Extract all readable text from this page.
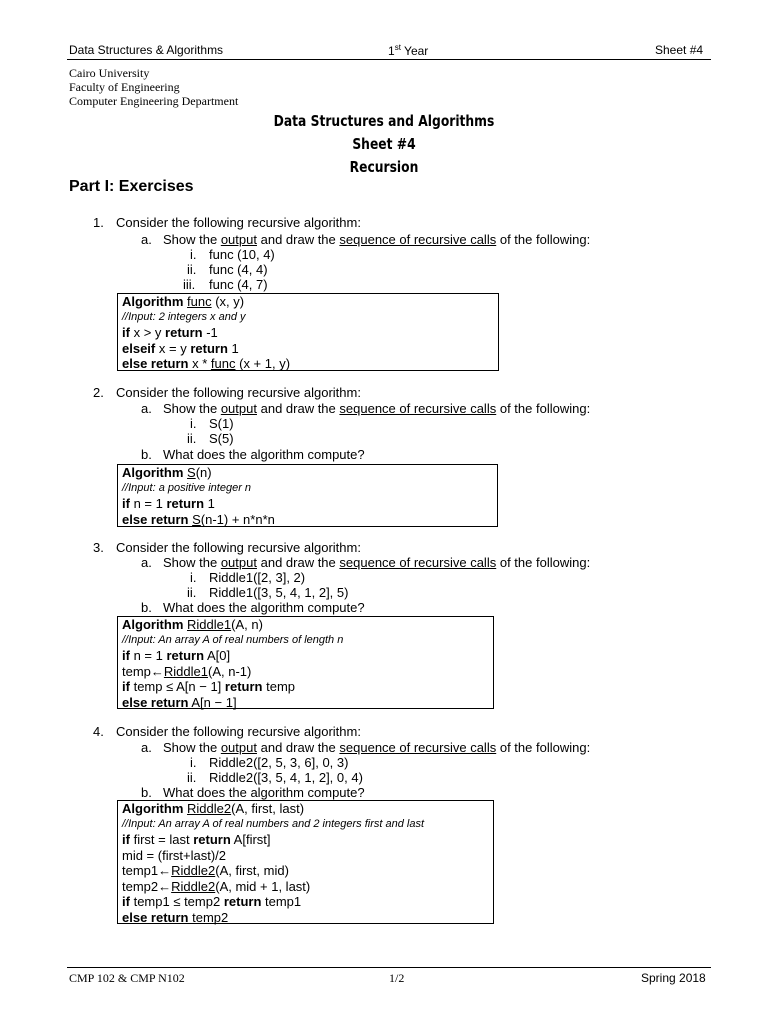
Data Structures & Algorithms	1st Year	Sheet #4
Cairo University
Faculty of Engineering
Computer Engineering Department
Data Structures and Algorithms
Sheet #4
Recursion
Part I: Exercises
1. Consider the following recursive algorithm:
a. Show the output and draw the sequence of recursive calls of the following:
i. func (10, 4)
ii. func (4, 4)
iii. func (4, 7)
Algorithm func (x, y)
//Input: 2 integers x and y
if x > y return -1
elseif x = y return 1
else return x * func (x + 1, y)
2. Consider the following recursive algorithm:
a. Show the output and draw the sequence of recursive calls of the following:
i. S(1)
ii. S(5)
b. What does the algorithm compute?
Algorithm S(n)
//Input: a positive integer n
if n = 1 return 1
else return S(n-1) + n*n*n
3. Consider the following recursive algorithm:
a. Show the output and draw the sequence of recursive calls of the following:
i. Riddle1([2, 3], 2)
ii. Riddle1([3, 5, 4, 1, 2], 5)
b. What does the algorithm compute?
Algorithm Riddle1(A, n)
//Input: An array A of real numbers of length n
if n = 1 return A[0]
temp←Riddle1(A, n-1)
if temp ≤ A[n − 1] return temp
else return A[n − 1]
4. Consider the following recursive algorithm:
a. Show the output and draw the sequence of recursive calls of the following:
i. Riddle2([2, 5, 3, 6], 0, 3)
ii. Riddle2([3, 5, 4, 1, 2], 0, 4)
b. What does the algorithm compute?
Algorithm Riddle2(A, first, last)
//Input: An array A of real numbers and 2 integers first and last
if first = last return A[first]
mid = (first+last)/2
temp1←Riddle2(A, first, mid)
temp2←Riddle2(A, mid + 1, last)
if temp1 ≤ temp2 return temp1
else return temp2
CMP 102 & CMP N102	1/2	Spring 2018
